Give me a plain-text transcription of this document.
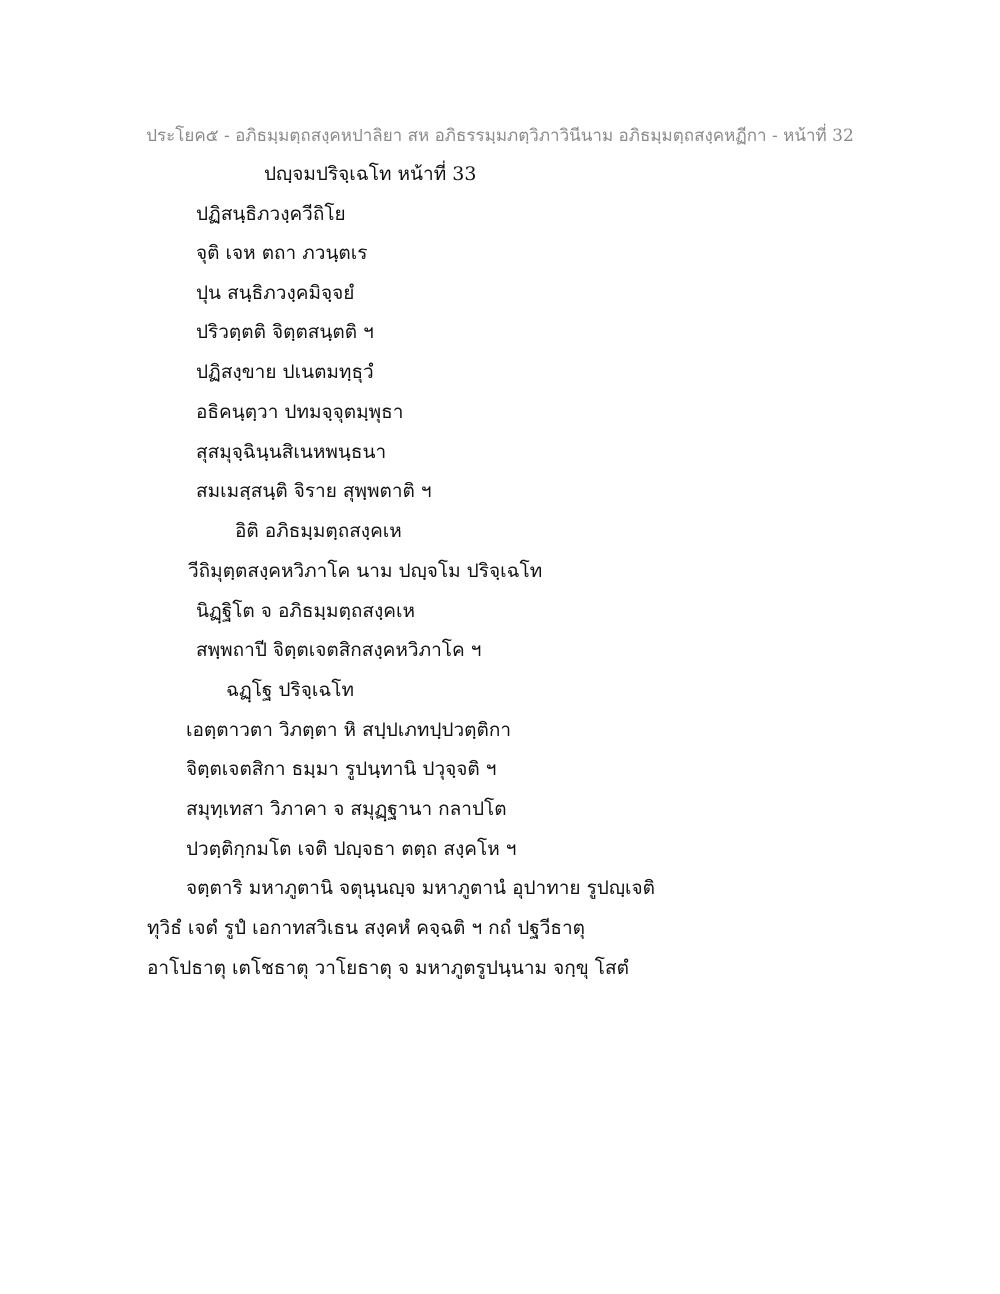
ประโยค๕ - อภิธมฺมตฺถสงฺคหปาลิยา สห อภิธรรมฺมภตฺวิภาวินีนาม อภิธมฺมตฺถสงฺคหฏีกา - หน้าที่ 32
ปญฺจมปริจฺเฉโท หน้าที่ 33
ปฏิสนฺธิภวงฺควีถิโย
จุติ เจห ตถา ภวนฺตเร
ปุน สนฺธิภวงฺคมิจฺจยํ
ปริวตฺตติ จิตฺตสนฺตติ ฯ
ปฏิสงฺขาย ปเนตมทฺธุวํ
อธิคนฺตฺวา ปทมจฺจุตมฺพุธา
สุสมุจฺฉินฺนสิเนหพนฺธนา
สมเมสฺสนฺติ จิราย สุพฺพตาติ ฯ
อิติ อภิธมฺมตฺถสงฺคเห
วีถิมุตฺตสงฺคหวิภาโค นาม ปญฺจโม ปริจฺเฉโท
นิฏฺฐิโต จ อภิธมฺมตฺถสงฺคเห
สพฺพถาปี จิตฺตเจตสิกสงฺคหวิภาโค ฯ
ฉฏฺโฐ ปริจฺเฉโท
เอตฺตาวตา วิภตฺตา หิ สปฺปเภทปฺปวตฺติกา
จิตฺตเจตสิกา ธมฺมา รูปนฺทานิ ปวุจฺจติ ฯ
สมุทฺเทสา วิภาคา จ สมุฏฺฐานา กลาปโต
ปวตฺติกฺกมโต เจติ ปญฺจธา ตตฺถ สงฺคโห ฯ
จตฺตาริ มหาภูตานิ จตุนฺนญฺจ มหาภูตานํ อุปาทาย รูปญฺเจติ
ทุวิธํ เจตํ รูปํ เอกาทสวิเธน สงฺคหํ คจฺฉติ ฯ กถํ ปฐวีธาตุ
อาโปธาตุ เตโชธาตุ วาโยธาตุ จ มหาภูตรูปนฺนาม จกฺขุ โสตํ
